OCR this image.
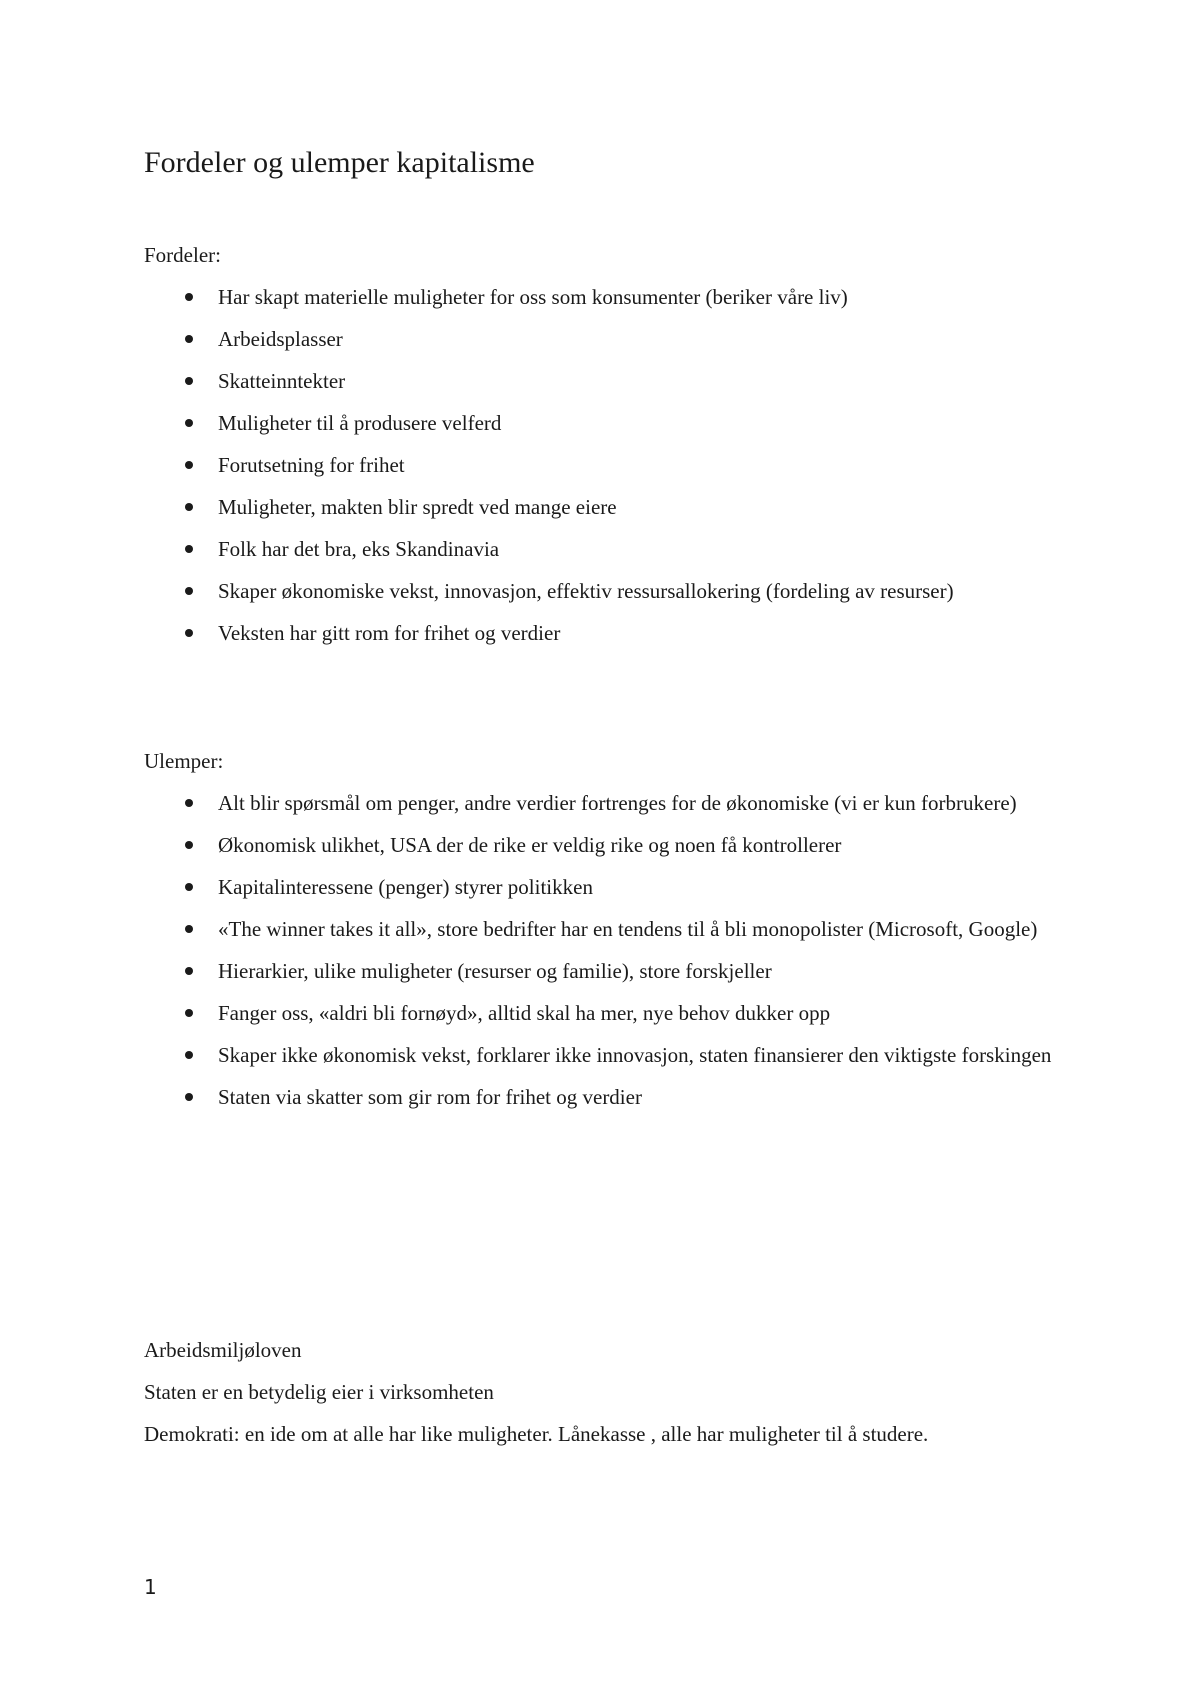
Fordeler og ulemper kapitalisme
Fordeler:
Har skapt materielle muligheter for oss som konsumenter (beriker våre liv)
Arbeidsplasser
Skatteinntekter
Muligheter til å produsere velferd
Forutsetning for frihet
Muligheter, makten blir spredt ved mange eiere
Folk har det bra, eks Skandinavia
Skaper økonomiske vekst, innovasjon, effektiv ressursallokering (fordeling av resurser)
Veksten har gitt rom for frihet og verdier
Ulemper:
Alt blir spørsmål om penger, andre verdier fortrenges for de økonomiske (vi er kun forbrukere)
Økonomisk ulikhet, USA der de rike er veldig rike og noen få kontrollerer
Kapitalinteressene (penger) styrer politikken
«The winner takes it all», store bedrifter har en tendens til å bli monopolister (Microsoft, Google)
Hierarkier, ulike muligheter (resurser og familie), store forskjeller
Fanger oss, «aldri bli fornøyd», alltid skal ha mer, nye behov dukker opp
Skaper ikke økonomisk vekst, forklarer ikke innovasjon, staten finansierer den viktigste forskingen
Staten via skatter som gir rom for frihet og verdier
Arbeidsmiljøloven
Staten er en betydelig eier i virksomheten
Demokrati: en ide om at alle har like muligheter. Lånekasse , alle har muligheter til å studere.
1
